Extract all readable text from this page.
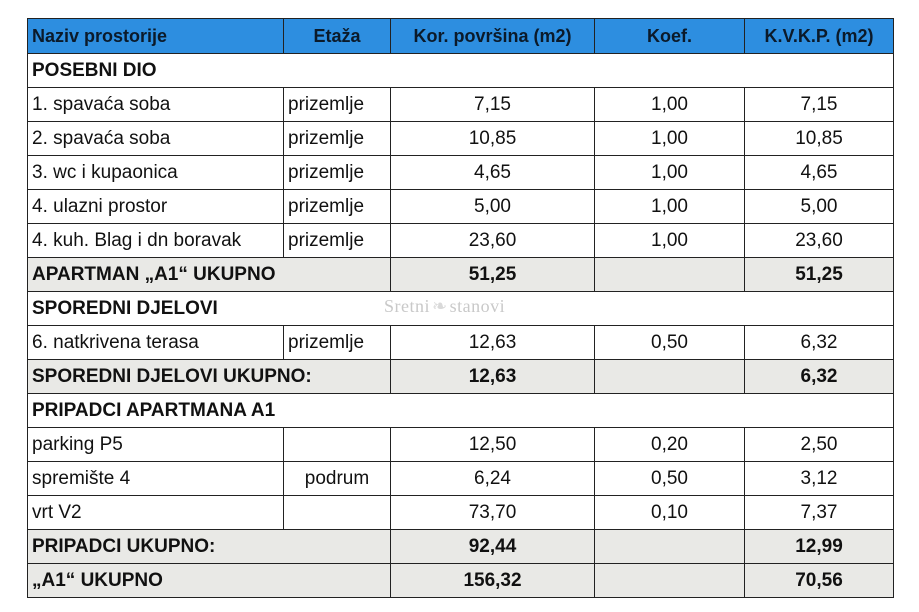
Naziv prostorije	Etaža	Kor. površina (m2)	Koef.	K.V.K.P. (m2)
POSEBNI DIO				
1. spavaća soba	prizemlje	7,15	1,00	7,15
2. spavaća soba	prizemlje	10,85	1,00	10,85
3. wc i kupaonica	prizemlje	4,65	1,00	4,65
4. ulazni prostor	prizemlje	5,00	1,00	5,00
4. kuh. Blag i dn boravak	prizemlje	23,60	1,00	23,60
APARTMAN „A1“ UKUPNO		51,25		51,25
SPOREDNI DJELOVI				
6. natkrivena terasa	prizemlje	12,63	0,50	6,32
SPOREDNI DJELOVI UKUPNO:		12,63		6,32
PRIPADCI APARTMANA A1				
parking P5		12,50	0,20	2,50
spremište 4	podrum	6,24	0,50	3,12
vrt V2		73,70	0,10	7,37
PRIPADCI UKUPNO:		92,44		12,99
„A1“ UKUPNO		156,32		70,56
Sretni ❧ stanovi
